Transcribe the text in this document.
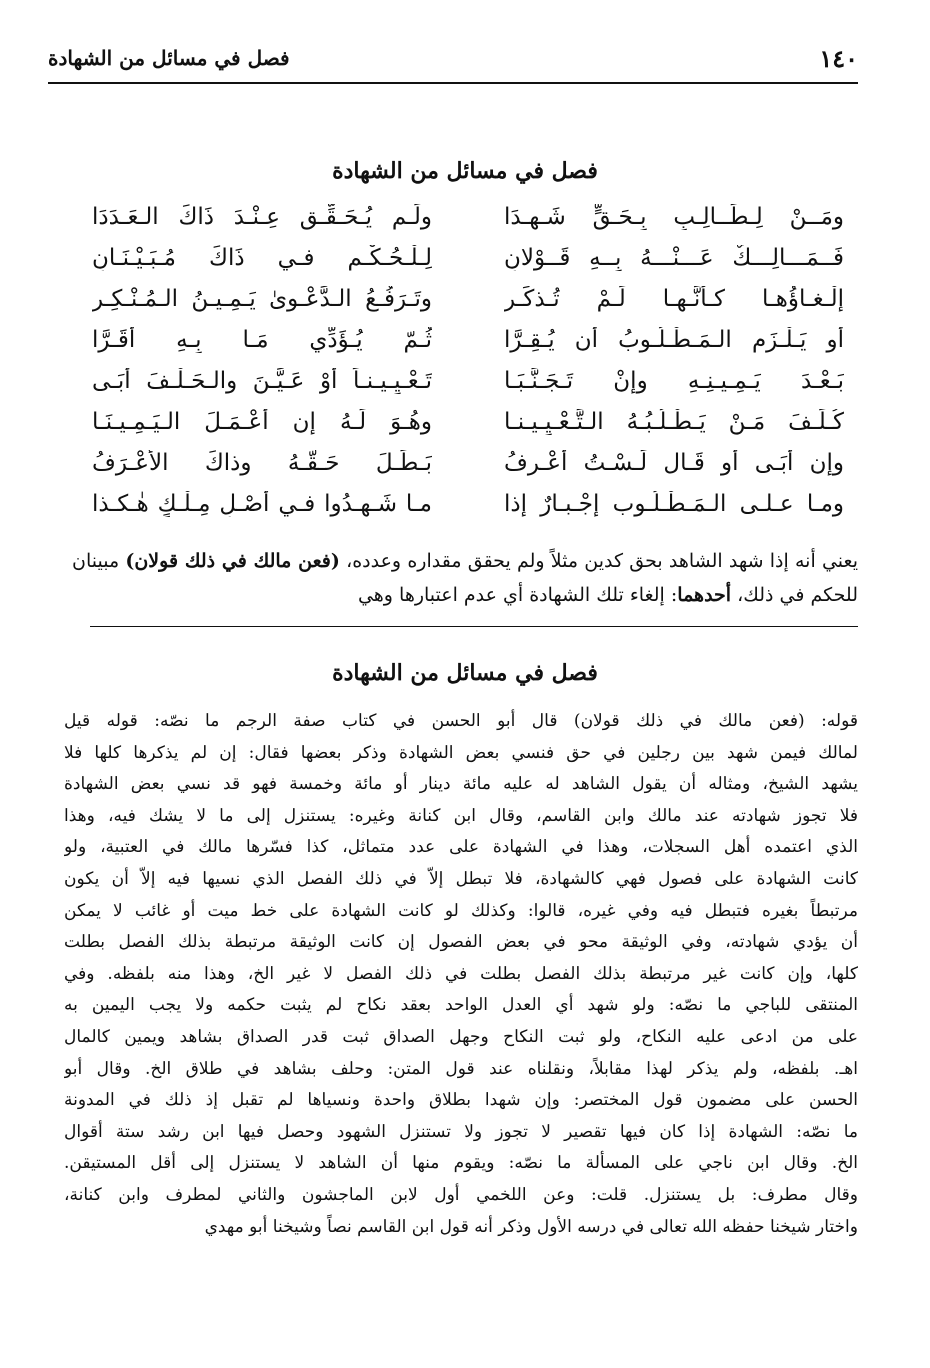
١٤٠
فصل في مسائل من الشهادة
فصل في مسائل من الشهادة
ومَــنْ لِـطَــالِـبٍ بِـحَـقٍّ شَـهِـدَا
ولَـم يُـحَـقِّـق عِـنْـدَ ذَاكَ الـعَـدَدَا
فَــمَـــالِـــكٌ عَـــنْـــهُ بِــهِ قَــوْلانِ
لِـلْـحُـكْـمِ فـي ذَاكَ مُـبَـيْـنَـانِ
إلْـغـاؤُهـا كـأنَّـهـا لَـمْ تُـذكَـر
وتَـرَفُـعُ الـدَّعْـوىٰ يَـمِـيـنُ الـمُـنْـكِـرِ
أو يَـلْـزَم الـمَـطْـلُـوبُ أن يُـقِـرَّا
ثُـمّ يُـؤَدِّي مَـا بِـهِ أَقَـرَّا
بَـعْـدَ يَـمِـيـنِـهِ وإنْ تَـجَـنَّـبَـا
تَـعْـيِـيـنـاً أَوْ عَـيَّـنَ والـحَـلْـفَ أبَـى
كُـلِّـفَ مَـنْ يَـطْـلُـبُـهُ الـتَّـعْـيِـيـنـا
وهُـوَ لَـهُ إن أَعْـمَـلَ الـيَـمِـيـنَـا
وإن أبَـى أو قَـال لَـسْـتُ أعْـرِفُ
بَـطَـلَ حَـقُّـهُ وذاكَ الأعْـرَفُ
ومـا عـلـى الـمَـطْـلُـوب إجْـبـارٌ إذا
مـا شَـهِـدُوا فـي أصْـلِ مِـلْـكٍ هٰـكـذا
يعني أنه إذا شهد الشاهد بحق كدين مثلاً ولم يحقق مقداره وعدده، (فعن مالك في ذلك قولان) مبينان للحكم في ذلك، أحدهما: إلغاء تلك الشهادة أي عدم اعتبارها وهي
فصل في مسائل من الشهادة
قوله: (فعن مالك في ذلك قولان) قال أبو الحسن في كتاب صفة الرجم ما نصّه: قوله قيل
لمالك فيمن شهد بين رجلين في حق فنسي بعض الشهادة وذكر بعضها فقال: إن لم يذكرها كلها فلا
يشهد الشيخ، ومثاله أن يقول الشاهد له عليه مائة دينار أو مائة وخمسة فهو قد نسي بعض الشهادة
فلا تجوز شهادته عند مالك وابن القاسم، وقال ابن كنانة وغيره: يستنزل إلى ما لا يشك فيه، وهذا
الذي اعتمده أهل السجلات، وهذا في الشهادة على عدد متماثل، كذا فسّرها مالك في العتبية، ولو
كانت الشهادة على فصول فهي كالشهادة، فلا تبطل إلاّ في ذلك الفصل الذي نسيها فيه إلاّ أن يكون
مرتبطاً بغيره فتبطل فيه وفي غيره، قالوا: وكذلك لو كانت الشهادة على خط ميت أو غائب لا يمكن
أن يؤدي شهادته، وفي الوثيقة محو في بعض الفصول إن كانت الوثيقة مرتبطة بذلك الفصل بطلت
كلها، وإن كانت غير مرتبطة بذلك الفصل بطلت في ذلك الفصل لا غير الخ، وهذا منه بلفظه. وفي
المنتقى للباجي ما نصّه: ولو شهد أي العدل الواحد بعقد نكاح لم يثبت حكمه ولا يجب اليمين به
على من ادعى عليه النكاح، ولو ثبت النكاح وجهل الصداق ثبت قدر الصداق بشاهد ويمين كالمال
اهـ. بلفظه، ولم يذكر لهذا مقابلاً، ونقلناه عند قول المتن: وحلف بشاهد في طلاق الخ. وقال أبو
الحسن على مضمون قول المختصر: وإن شهدا بطلاق واحدة ونسياها لم تقبل إذ ذلك في المدونة
ما نصّه: الشهادة إذا كان فيها تقصير لا تجوز ولا تستنزل الشهود وحصل فيها ابن رشد ستة أقوال
الخ. وقال ابن ناجي على المسألة ما نصّه: ويقوم منها أن الشاهد لا يستنزل إلى أقل المستيقن.
وقال مطرف: بل يستنزل. قلت: وعن اللخمي أول لابن الماجشون والثاني لمطرف وابن كنانة،
واختار شيخنا حفظه الله تعالى في درسه الأول وذكر أنه قول ابن القاسم نصاً وشيخنا أبو مهدي
